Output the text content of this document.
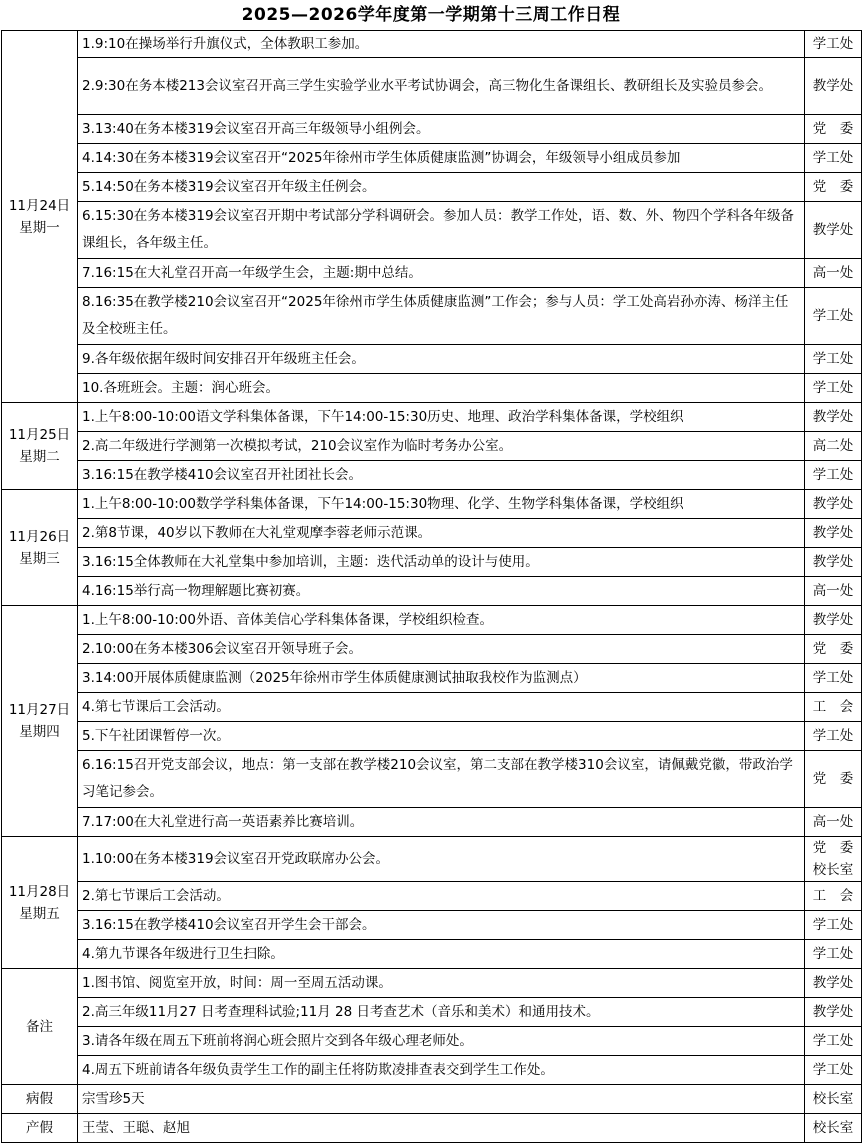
2025—2026学年度第一学期第十三周工作日程
11月24日
星期一	1.9:10在操场举行升旗仪式，全体教职工参加。	学工处
	2.9:30在务本楼213会议室召开高三学生实验学业水平考试协调会，高三物化生备课组长、教研组长及实验员参会。	教学处
	3.13:40在务本楼319会议室召开高三年级领导小组例会。	党　委
	4.14:30在务本楼319会议室召开“2025年徐州市学生体质健康监测”协调会，年级领导小组成员参加	学工处
	5.14:50在务本楼319会议室召开年级主任例会。	党　委
	6.15:30在务本楼319会议室召开期中考试部分学科调研会。参加人员：教学工作处，语、数、外、物四个学科各年级备课组长，各年级主任。	教学处
	7.16:15在大礼堂召开高一年级学生会，主题:期中总结。	高一处
	8.16:35在教学楼210会议室召开“2025年徐州市学生体质健康监测”工作会；参与人员：学工处高岩孙亦涛、杨洋主任及全校班主任。	学工处
	9.各年级依据年级时间安排召开年级班主任会。	学工处
	10.各班班会。主题：润心班会。	学工处

11月25日
星期二	1.上午8:00-10:00语文学科集体备课，下午14:00-15:30历史、地理、政治学科集体备课，学校组织	教学处
	2.高二年级进行学测第一次模拟考试，210会议室作为临时考务办公室。	高二处
	3.16:15在教学楼410会议室召开社团社长会。	学工处

11月26日
星期三	1.上午8:00-10:00数学学科集体备课，下午14:00-15:30物理、化学、生物学科集体备课，学校组织	教学处
	2.第8节课，40岁以下教师在大礼堂观摩李蓉老师示范课。	教学处
	3.16:15全体教师在大礼堂集中参加培训，主题：迭代活动单的设计与使用。	教学处
	4.16:15举行高一物理解题比赛初赛。	高一处

11月27日
星期四	1.上午8:00-10:00外语、音体美信心学科集体备课，学校组织检查。	教学处
	2.10:00在务本楼306会议室召开领导班子会。	党　委
	3.14:00开展体质健康监测（2025年徐州市学生体质健康测试抽取我校作为监测点）	学工处
	4.第七节课后工会活动。	工　会
	5.下午社团课暂停一次。	学工处
	6.16:15召开党支部会议，地点：第一支部在教学楼210会议室，第二支部在教学楼310会议室，请佩戴党徽，带政治学习笔记参会。	党　委
	7.17:00在大礼堂进行高一英语素养比赛培训。	高一处

11月28日
星期五	1.10:00在务本楼319会议室召开党政联席办公会。	党　委 校长室
	2.第七节课后工会活动。	工　会
	3.16:15在教学楼410会议室召开学生会干部会。	学工处
	4.第九节课各年级进行卫生扫除。	学工处

备注	1.图书馆、阅览室开放，时间：周一至周五活动课。	教学处
	2.高三年级11月27 日考查理科试验;11月 28 日考查艺术（音乐和美术）和通用技术。	教学处
	3.请各年级在周五下班前将润心班会照片交到各年级心理老师处。	学工处
	4.周五下班前请各年级负责学生工作的副主任将防欺凌排查表交到学生工作处。	学工处

病假	宗雪珍5天	校长室

产假	王莹、王聪、赵旭	校长室
